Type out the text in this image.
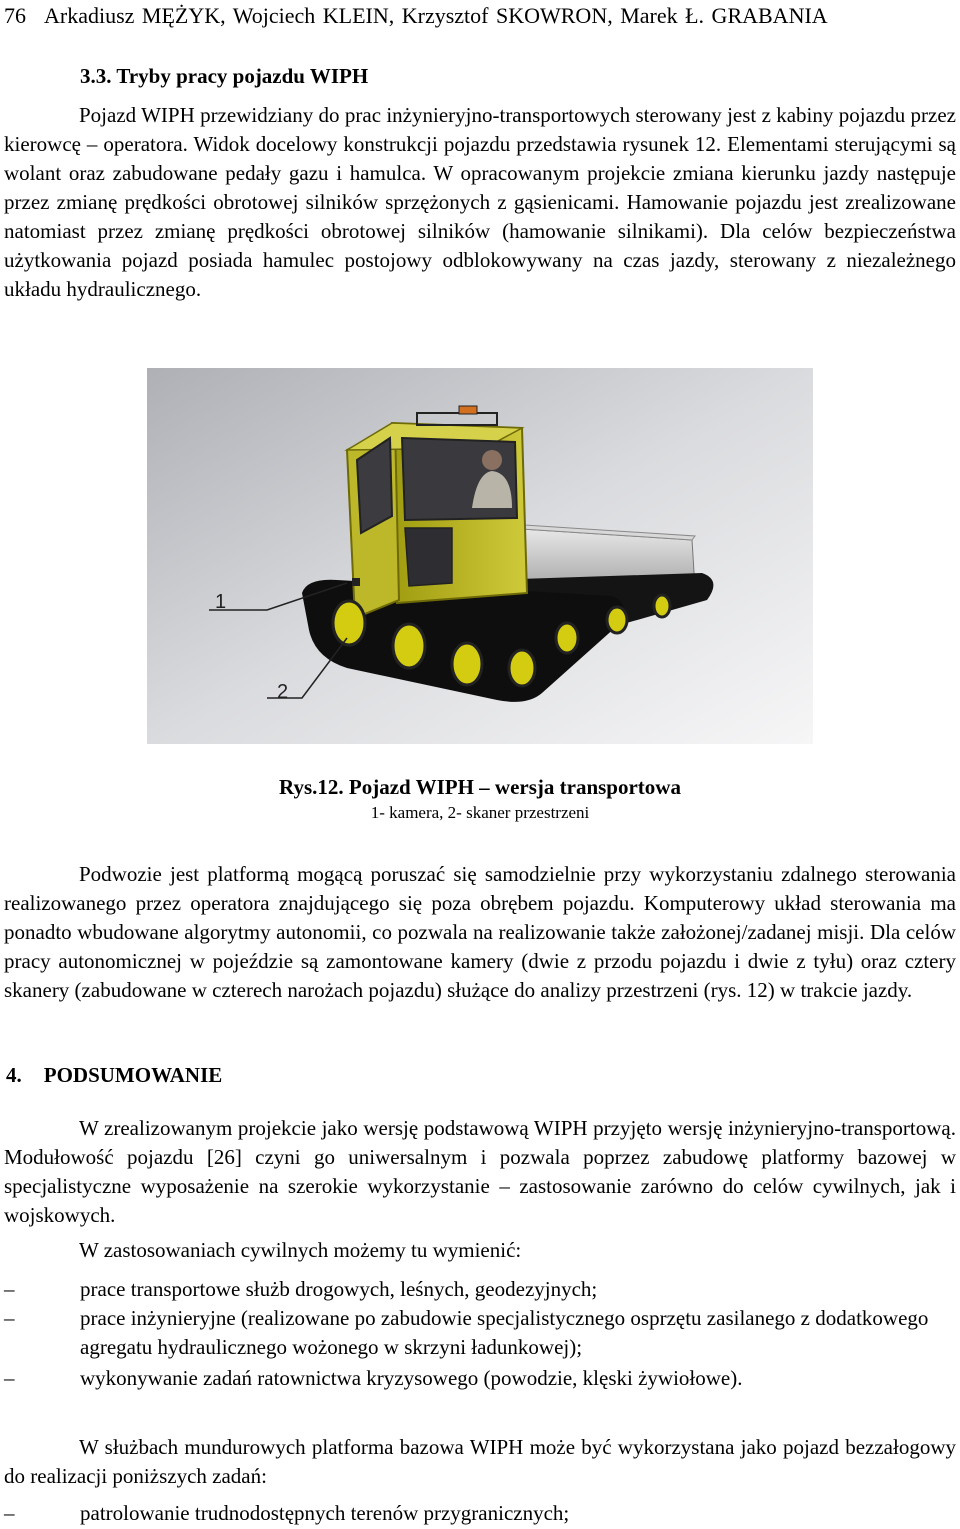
76 Arkadiusz MĘŻYK, Wojciech KLEIN, Krzysztof SKOWRON, Marek Ł. GRABANIA
3.3. Tryby pracy pojazdu WIPH

Pojazd WIPH przewidziany do prac inżynieryjno-transportowych sterowany jest z kabiny pojazdu przez kierowcę – operatora. Widok docelowy konstrukcji pojazdu przedstawia rysunek 12. Elementami sterującymi są wolant oraz zabudowane pedały gazu i hamulca. W opracowanym projekcie zmiana kierunku jazdy następuje przez zmianę prędkości obrotowej silników sprzężonych z gąsienicami. Hamowanie pojazdu jest zrealizowane natomiast przez zmianę prędkości obrotowej silników (hamowanie silnikami). Dla celów bezpieczeństwa użytkowania pojazd posiada hamulec postojowy odblokowywany na czas jazdy, sterowany z niezależnego układu hydraulicznego.

1
2
Rys.12. Pojazd WIPH – wersja transportowa
1- kamera, 2- skaner przestrzeni

Podwozie jest platformą mogącą poruszać się samodzielnie przy wykorzystaniu zdalnego sterowania realizowanego przez operatora znajdującego się poza obrębem pojazdu. Komputerowy układ sterowania ma ponadto wbudowane algorytmy autonomii, co pozwala na realizowanie także założonej/zadanej misji. Dla celów pracy autonomicznej w pojeździe są zamontowane kamery (dwie z przodu pojazdu i dwie z tyłu) oraz cztery skanery (zabudowane w czterech narożach pojazdu) służące do analizy przestrzeni (rys. 12) w trakcie jazdy.

4. PODSUMOWANIE

W zrealizowanym projekcie jako wersję podstawową WIPH przyjęto wersję inżynieryjno-transportową. Modułowość pojazdu [26] czyni go uniwersalnym i pozwala poprzez zabudowę platformy bazowej w specjalistyczne wyposażenie na szerokie wykorzystanie – zastosowanie zarówno do celów cywilnych, jak i wojskowych.

W zastosowaniach cywilnych możemy tu wymienić:

–	prace transportowe służb drogowych, leśnych, geodezyjnych;
–	prace inżynieryjne (realizowane po zabudowie specjalistycznego osprzętu zasilanego z dodatkowego agregatu hydraulicznego wożonego w skrzyni ładunkowej);
–	wykonywanie zadań ratownictwa kryzysowego (powodzie, klęski żywiołowe).

W służbach mundurowych platforma bazowa WIPH może być wykorzystana jako pojazd bezzałogowy do realizacji poniższych zadań:

–	patrolowanie trudnodostępnych terenów przygranicznych;
